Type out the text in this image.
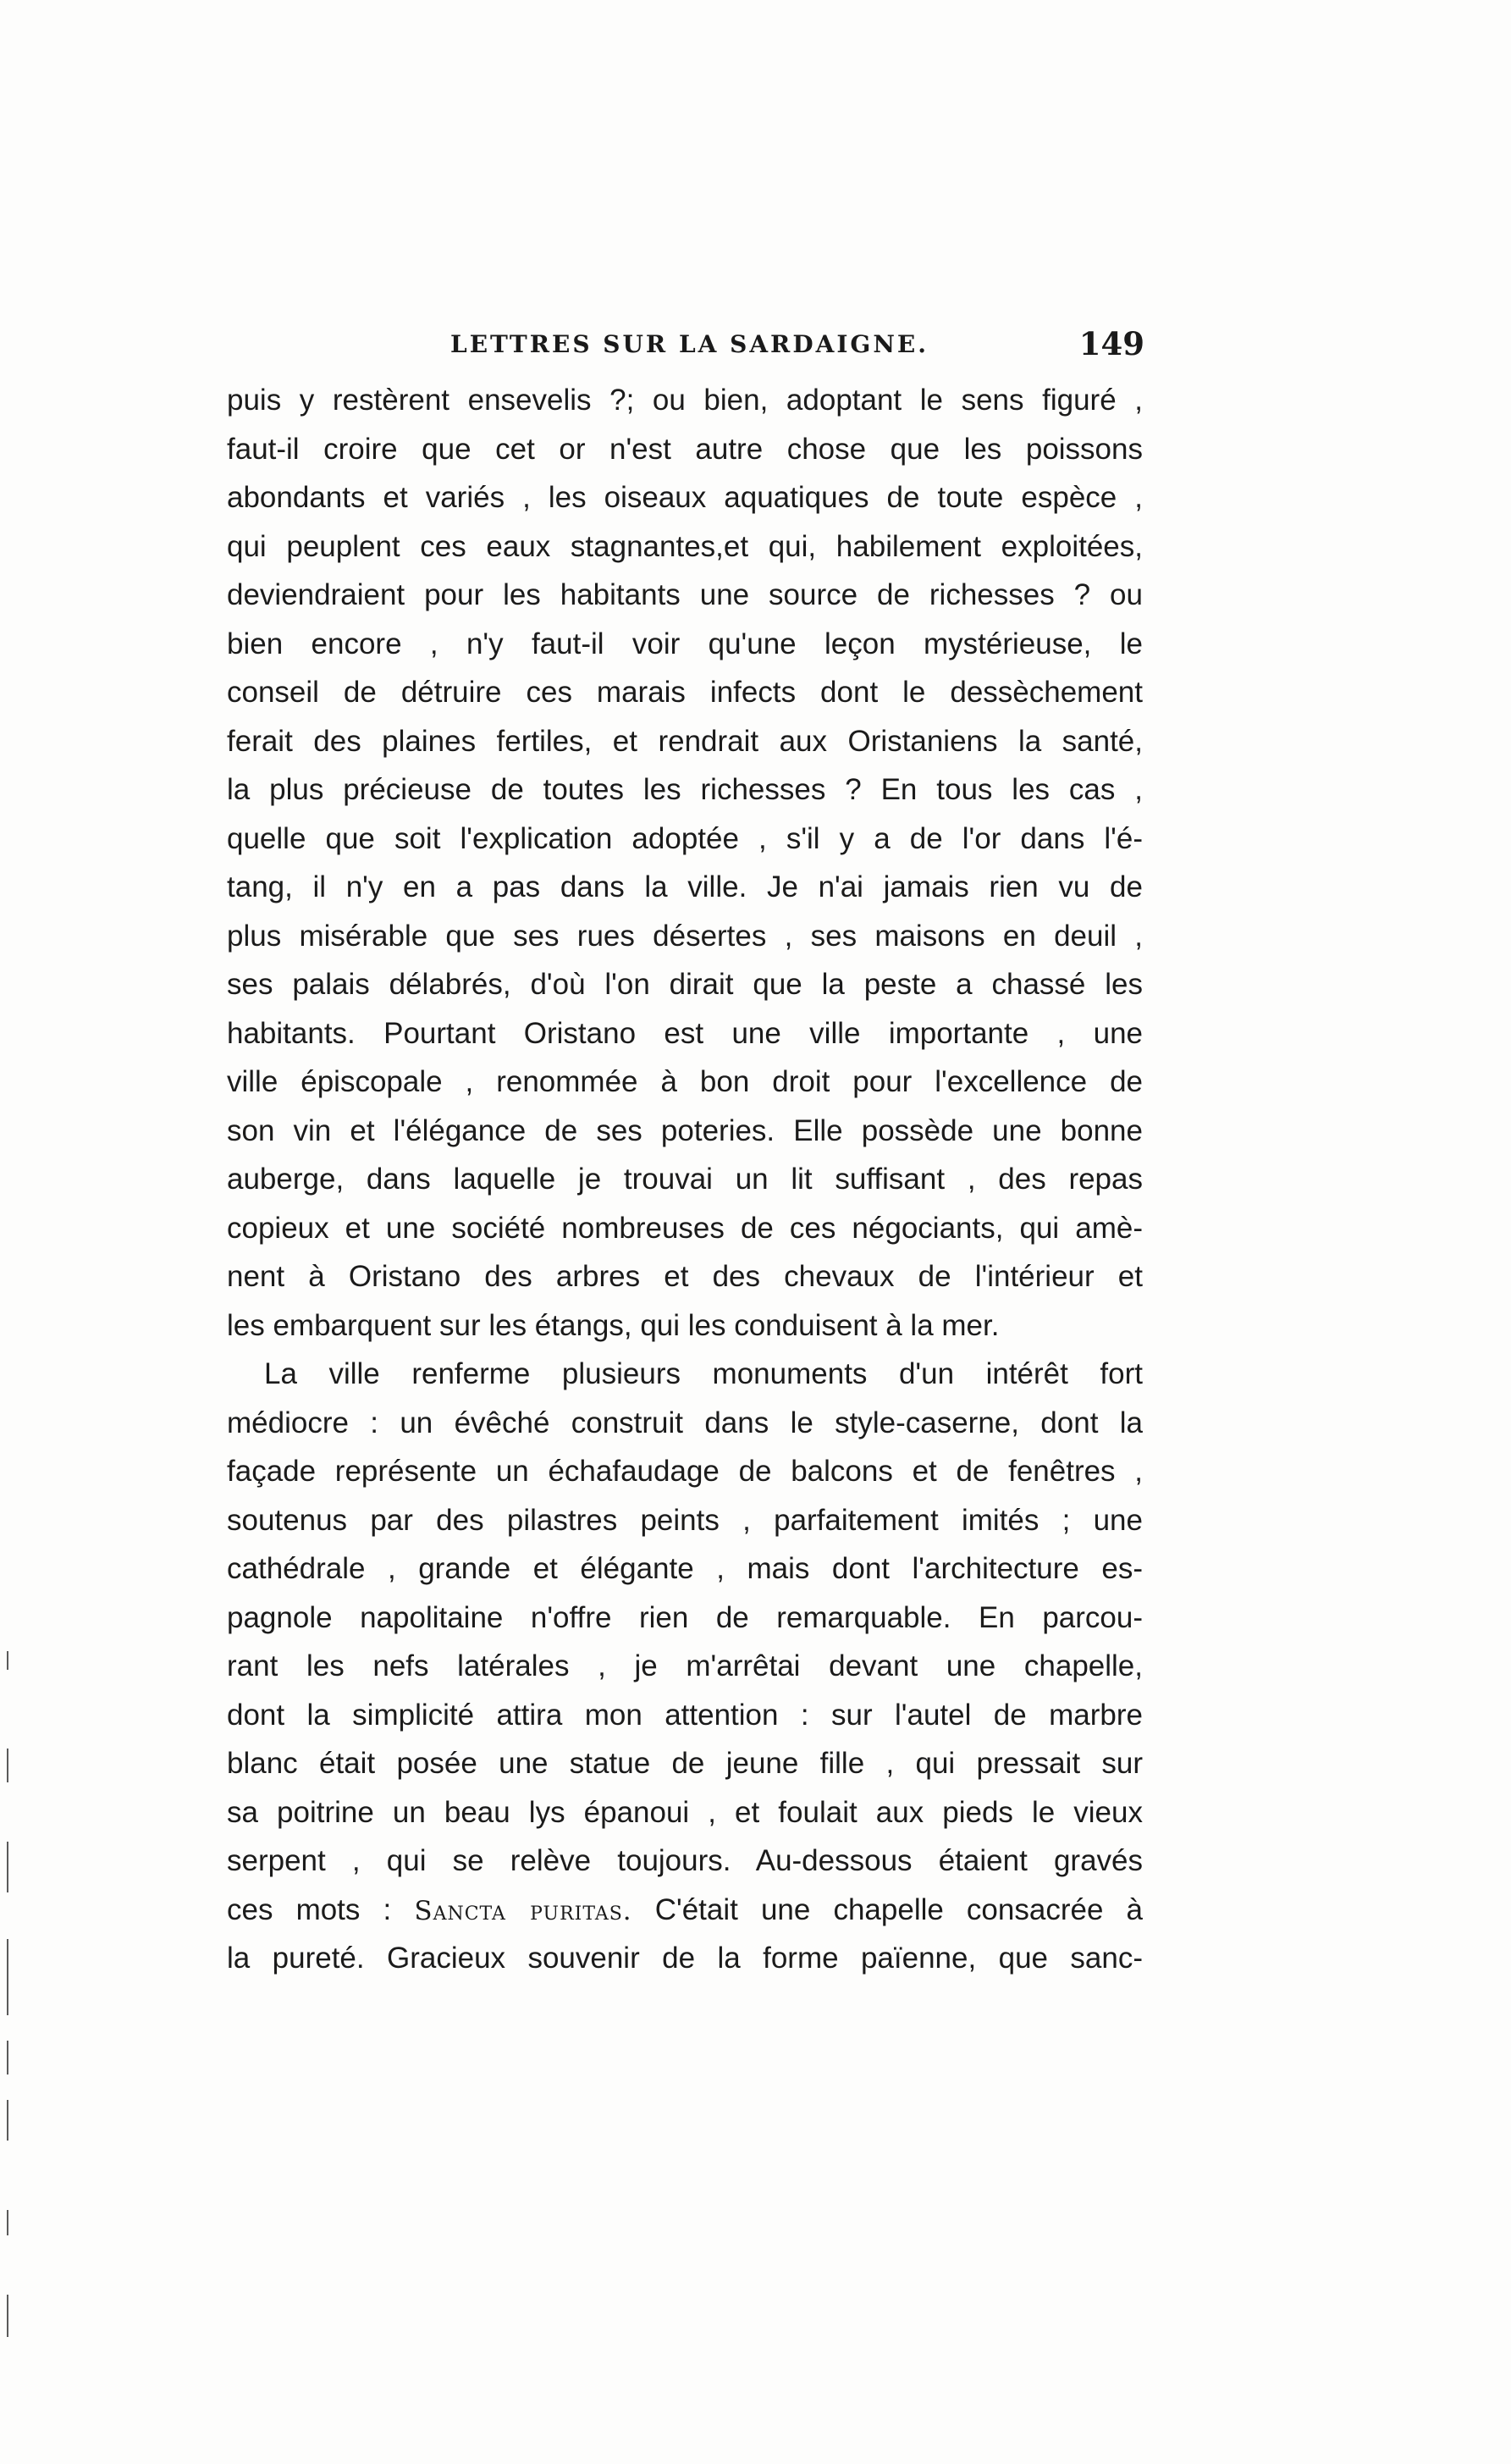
LETTRES SUR LA SARDAIGNE.	149
puis y restèrent ensevelis ?; ou bien, adoptant le sens figuré ,
faut-il croire que cet or n'est autre chose que les poissons
abondants et variés , les oiseaux aquatiques de toute espèce ,
qui peuplent ces eaux stagnantes,et qui, habilement exploitées,
deviendraient pour les habitants une source de richesses ? ou
bien encore , n'y faut-il voir qu'une leçon mystérieuse, le
conseil de détruire ces marais infects dont le dessèchement
ferait des plaines fertiles, et rendrait aux Oristaniens la santé,
la plus précieuse de toutes les richesses ? En tous les cas ,
quelle que soit l'explication adoptée , s'il y a de l'or dans l'é-
tang, il n'y en a pas dans la ville. Je n'ai jamais rien vu de
plus misérable que ses rues désertes , ses maisons en deuil ,
ses palais délabrés, d'où l'on dirait que la peste a chassé les
habitants. Pourtant Oristano est une ville importante , une
ville épiscopale , renommée à bon droit pour l'excellence de
son vin et l'élégance de ses poteries. Elle possède une bonne
auberge, dans laquelle je trouvai un lit suffisant , des repas
copieux et une société nombreuses de ces négociants, qui amè-
nent à Oristano des arbres et des chevaux de l'intérieur et
les embarquent sur les étangs, qui les conduisent à la mer.
La ville renferme plusieurs monuments d'un intérêt fort
médiocre : un évêché construit dans le style-caserne, dont la
façade représente un échafaudage de balcons et de fenêtres ,
soutenus par des pilastres peints , parfaitement imités ; une
cathédrale , grande et élégante , mais dont l'architecture es-
pagnole napolitaine n'offre rien de remarquable. En parcou-
rant les nefs latérales , je m'arrêtai devant une chapelle,
dont la simplicité attira mon attention : sur l'autel de marbre
blanc était posée une statue de jeune fille , qui pressait sur
sa poitrine un beau lys épanoui , et foulait aux pieds le vieux
serpent , qui se relève toujours. Au-dessous étaient gravés
ces mots : Sancta puritas. C'était une chapelle consacrée à
la pureté. Gracieux souvenir de la forme païenne, que sanc-
